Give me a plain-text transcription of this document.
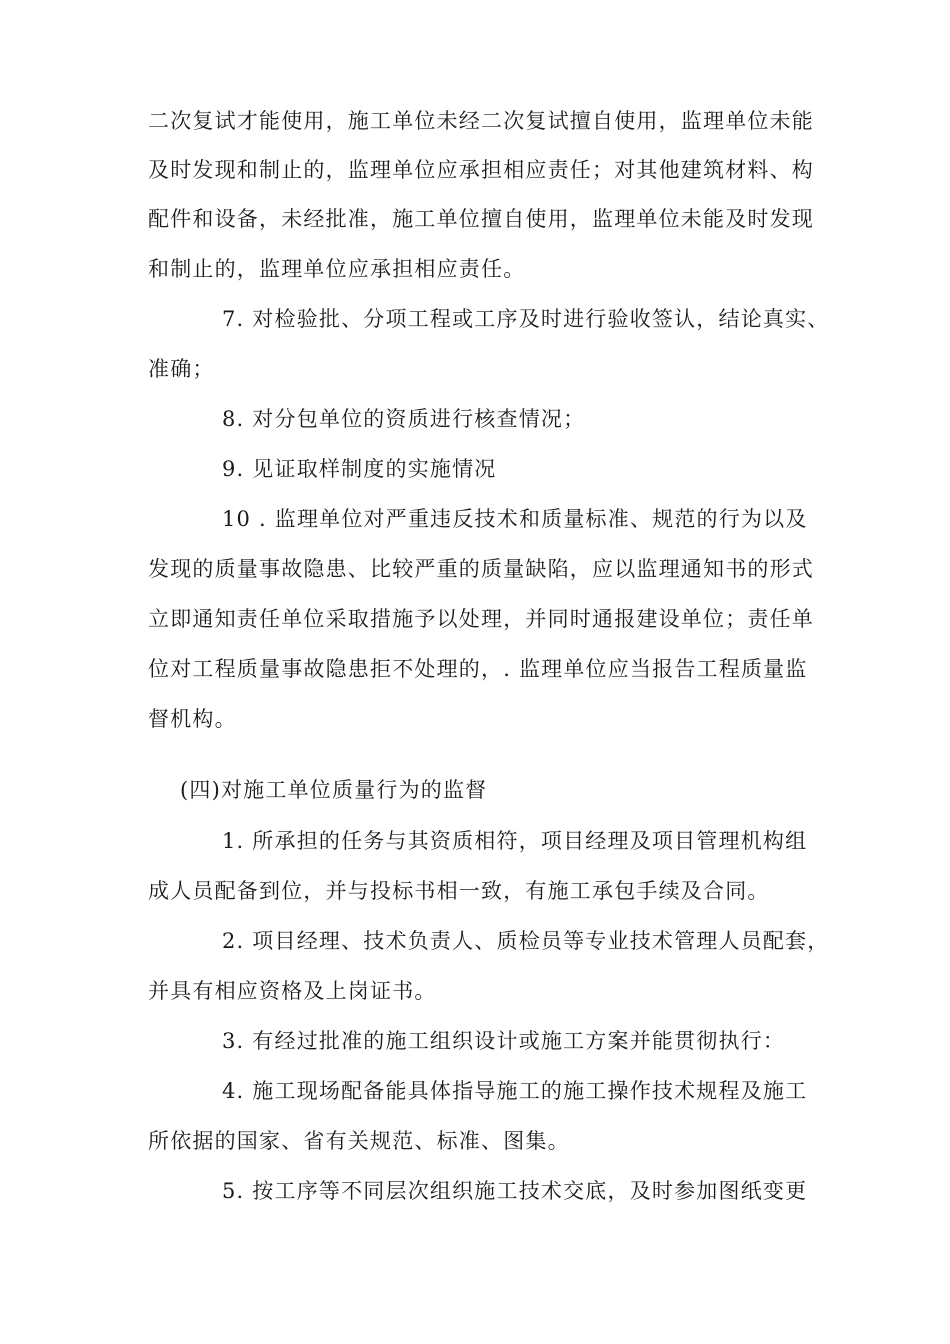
二次复试才能使用，施工单位未经二次复试擅自使用，监理单位未能
及时发现和制止的，监理单位应承担相应责任；对其他建筑材料、构
配件和设备，未经批准，施工单位擅自使用，监理单位未能及时发现
和制止的，监理单位应承担相应责任。
7. 对检验批、分项工程或工序及时进行验收签认，结论真实、
准确；
8. 对分包单位的资质进行核查情况；
9. 见证取样制度的实施情况
10 . 监理单位对严重违反技术和质量标准、规范的行为以及
发现的质量事故隐患、比较严重的质量缺陷，应以监理通知书的形式
立即通知责任单位采取措施予以处理，并同时通报建设单位；责任单
位对工程质量事故隐患拒不处理的，. 监理单位应当报告工程质量监
督机构。
(四)对施工单位质量行为的监督
1. 所承担的任务与其资质相符，项目经理及项目管理机构组
成人员配备到位，并与投标书相一致，有施工承包手续及合同。
2. 项目经理、技术负责人、质检员等专业技术管理人员配套，
并具有相应资格及上岗证书。
3. 有经过批准的施工组织设计或施工方案并能贯彻执行：
4. 施工现场配备能具体指导施工的施工操作技术规程及施工
所依据的国家、省有关规范、标准、图集。
5. 按工序等不同层次组织施工技术交底，及时参加图纸变更
